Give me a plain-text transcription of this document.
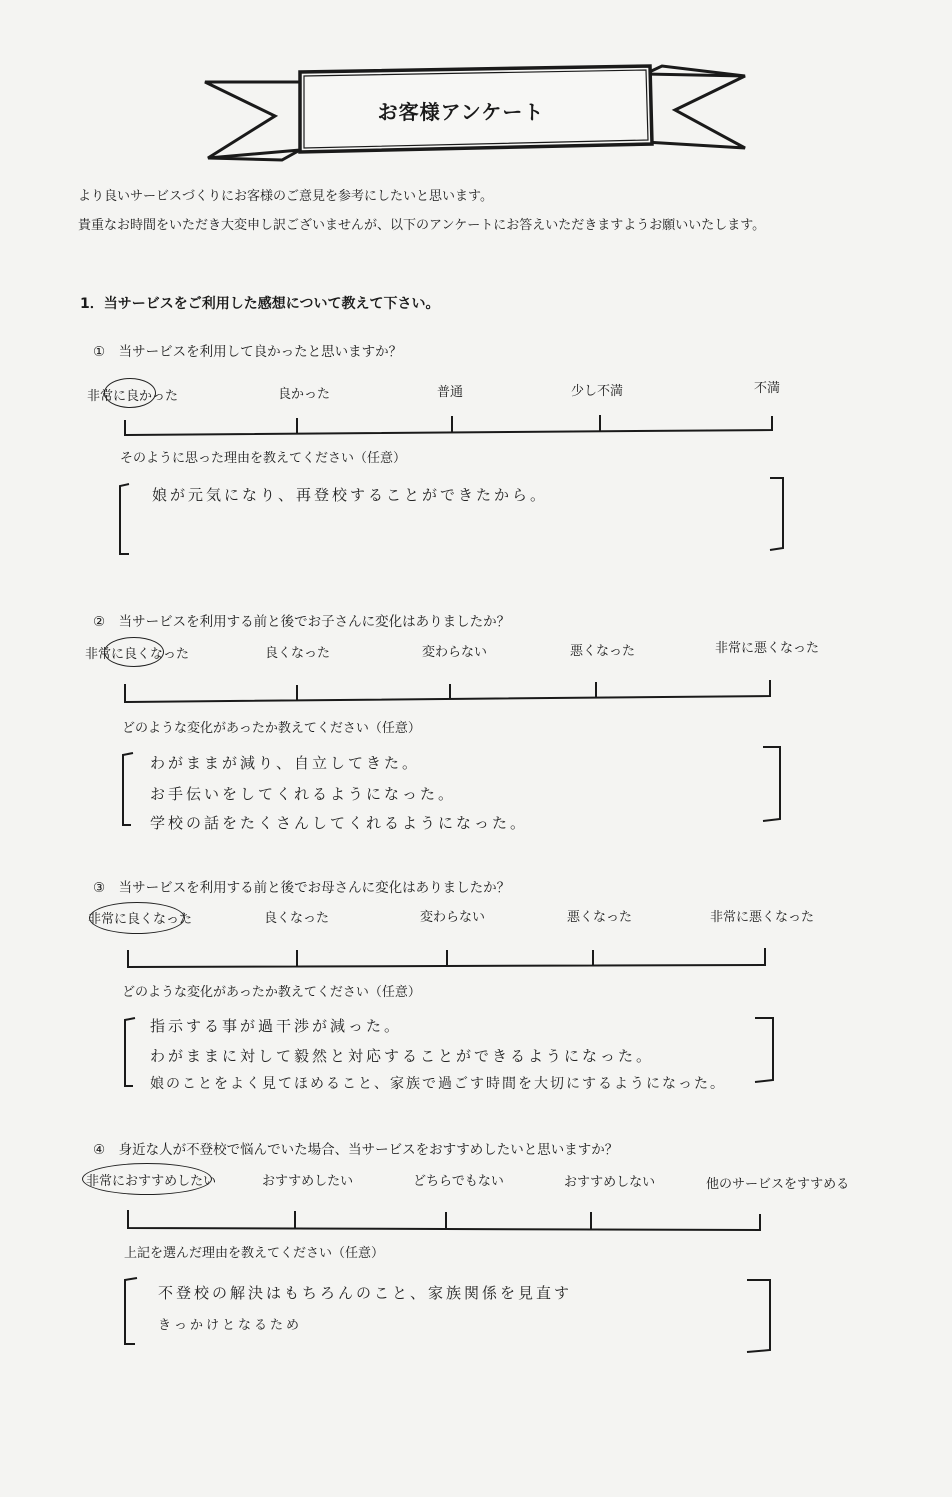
お客様アンケート
より良いサービスづくりにお客様のご意見を参考にしたいと思います。
貴重なお時間をいただき大変申し訳ございませんが、以下のアンケートにお答えいただきますようお願いいたします。
1．当サービスをご利用した感想について教えて下さい。
①　当サービスを利用して良かったと思いますか？
非常に良かった	良かった	普通	少し不満	不満
そのように思った理由を教えてください（任意）
娘が元気になり、再登校することができたから。
②　当サービスを利用する前と後でお子さんに変化はありましたか？
非常に良くなった	良くなった	変わらない	悪くなった	非常に悪くなった
どのような変化があったか教えてください（任意）
わがままが減り、自立してきた。
お手伝いをしてくれるようになった。
学校の話をたくさんしてくれるようになった。
③　当サービスを利用する前と後でお母さんに変化はありましたか？
非常に良くなった	良くなった	変わらない	悪くなった	非常に悪くなった
どのような変化があったか教えてください（任意）
指示する事が過干渉が減った。
わがままに対して毅然と対応することができるようになった。
娘のことをよく見てほめること、家族で過ごす時間を大切にするようになった。
④　身近な人が不登校で悩んでいた場合、当サービスをおすすめしたいと思いますか？
非常におすすめしたい	おすすめしたい	どちらでもない	おすすめしない	他のサービスをすすめる
上記を選んだ理由を教えてください（任意）
不登校の解決はもちろんのこと、家族関係を見直す
きっかけとなるため
